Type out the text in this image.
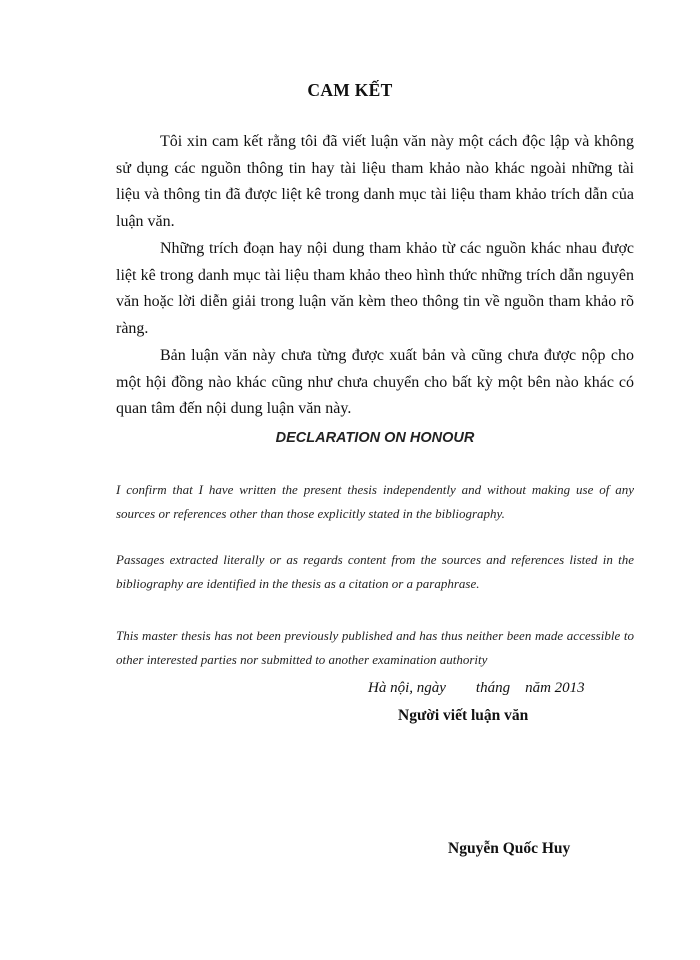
CAM KẾT

Tôi xin cam kết rằng tôi đã viết luận văn này một cách độc lập và không sử dụng các nguồn thông tin hay tài liệu tham khảo nào khác ngoài những tài liệu và thông tin đã được liệt kê trong danh mục tài liệu tham khảo trích dẫn của luận văn.

Những trích đoạn hay nội dung tham khảo từ các nguồn khác nhau được liệt kê trong danh mục tài liệu tham khảo theo hình thức những trích dẫn nguyên văn hoặc lời diễn giải trong luận văn kèm theo thông tin về nguồn tham khảo rõ ràng.

Bản luận văn này chưa từng được xuất bản và cũng chưa được nộp cho một hội đồng nào khác cũng như chưa chuyển cho bất kỳ một bên nào khác có quan tâm đến nội dung luận văn này.

DECLARATION ON HONOUR

I confirm that I have written the present thesis independently and without making use of any sources or references other than those explicitly stated in the bibliography.

Passages extracted literally or as regards content from the sources and references listed in the bibliography are identified in the thesis as a citation or a paraphrase.

This master thesis has not been previously published and has thus neither been made accessible to other interested parties nor submitted to another examination authority

Hà nội, ngày        tháng    năm 2013

Người viết luận văn

Nguyễn Quốc Huy
